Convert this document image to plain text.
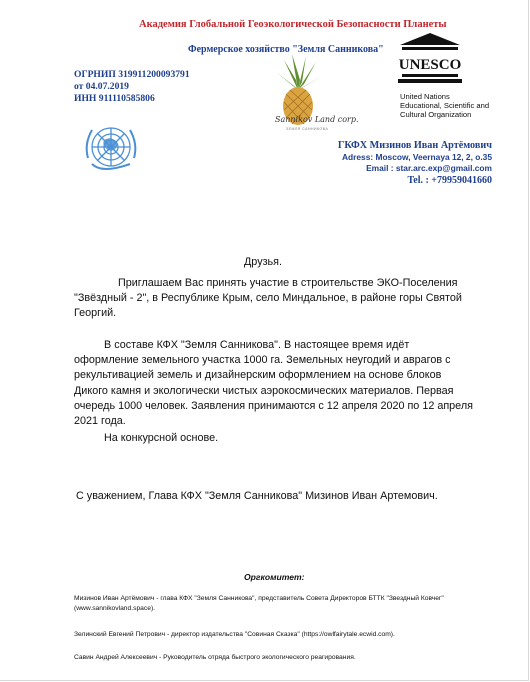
Академия Глобальной Геоэкологической Безопасности Планеты
Фермерское хозяйство "Земля Санникова"
ОГРНИП 319911200093791
от 04.07.2019
ИНН 911110585806
Sannikov Land corp.
ЗЕМЛЯ САННИКОВА
UNESCO
United Nations
Educational, Scientific and
Cultural Organization
ГКФХ Мизинов Иван Артёмович
Adress: Moscow, Veernaya 12, 2, o.35
Email : star.arc.exp@gmail.com
Tel. : +79959041660
Друзья.
Приглашаем Вас принять участие в строительстве ЭКО-Поселения "Звёздный - 2", в Республике Крым, село Миндальное, в районе горы Святой Георгий.
В составе КФХ "Земля Санникова". В настоящее время идёт оформление земельного участка 1000 га. Земельных неугодий и аврагов с рекультивацией земель и дизайнерским оформлением на основе блоков Дикого камня и экологически чистых аэрокосмических материалов. Первая очередь 1000 человек. Заявления принимаются с 12 апреля 2020 по 12 апреля 2021 года.
На конкурсной основе.
С уважением, Глава КФХ "Земля Санникова" Мизинов Иван Артемович.
Оргкомитет:
Мизинов Иван Артёмович - глава КФХ "Земля Санникова", представитель Совета Директоров БТТК "Звездный Ковчег" (www.sannikovland.space).
Зелинский Евгений Петрович - директор издательства "Совиная Сказка" (https://owlfairytale.ecwid.com).
Савин Андрей Алексеевич - Руководитель отряда быстрого экологического реагирования.
